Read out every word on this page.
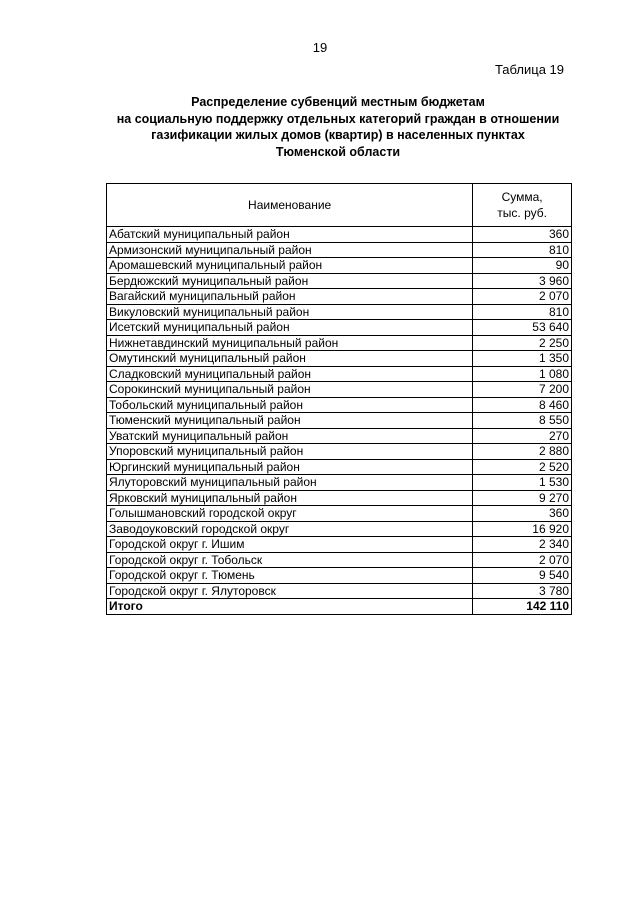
19
Таблица 19
Распределение субвенций местным бюджетам
на социальную поддержку отдельных категорий граждан в отношении
газификации жилых домов (квартир) в населенных пунктах
Тюменской области
Наименование	Сумма,
тыс. руб.
Абатский муниципальный район	360
Армизонский муниципальный район	810
Аромашевский муниципальный район	90
Бердюжский муниципальный район	3 960
Вагайский муниципальный район	2 070
Викуловский муниципальный район	810
Исетский муниципальный район	53 640
Нижнетавдинский муниципальный район	2 250
Омутинский муниципальный район	1 350
Сладковский муниципальный район	1 080
Сорокинский муниципальный район	7 200
Тобольский муниципальный район	8 460
Тюменский муниципальный район	8 550
Уватский муниципальный район	270
Упоровский муниципальный район	2 880
Юргинский муниципальный район	2 520
Ялуторовский муниципальный район	1 530
Ярковский муниципальный район	9 270
Голышмановский городской округ	360
Заводоуковский городской округ	16 920
Городской округ г. Ишим	2 340
Городской округ г. Тобольск	2 070
Городской округ г. Тюмень	9 540
Городской округ г. Ялуторовск	3 780
Итого	142 110
